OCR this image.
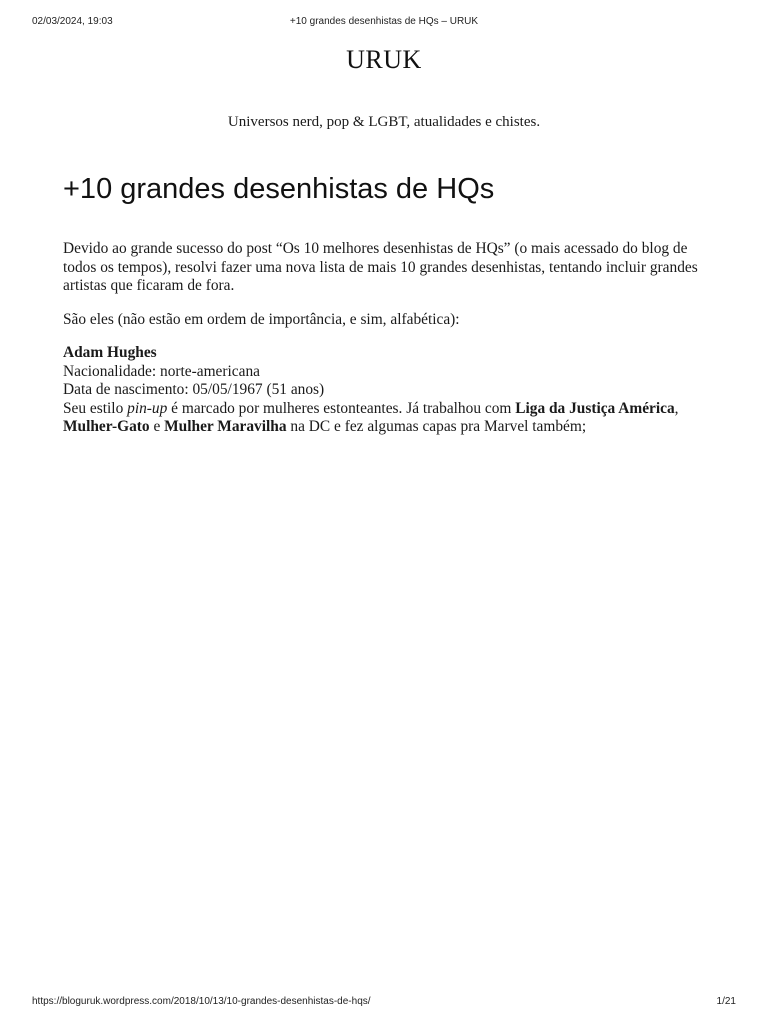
02/03/2024, 19:03	+10 grandes desenhistas de HQs – URUK
URUK
Universos nerd, pop & LGBT, atualidades e chistes.
+10 grandes desenhistas de HQs

Devido ao grande sucesso do post “Os 10 melhores desenhistas de HQs” (o mais acessado do blog de todos os tempos), resolvi fazer uma nova lista de mais 10 grandes desenhistas, tentando incluir grandes artistas que ficaram de fora.

São eles (não estão em ordem de importância, e sim, alfabética):

Adam Hughes
Nacionalidade: norte-americana
Data de nascimento: 05/05/1967 (51 anos)
Seu estilo pin-up é marcado por mulheres estonteantes. Já trabalhou com Liga da Justiça América, Mulher-Gato e Mulher Maravilha na DC e fez algumas capas pra Marvel também;

https://bloguruk.wordpress.com/2018/10/13/10-grandes-desenhistas-de-hqs/	1/21
